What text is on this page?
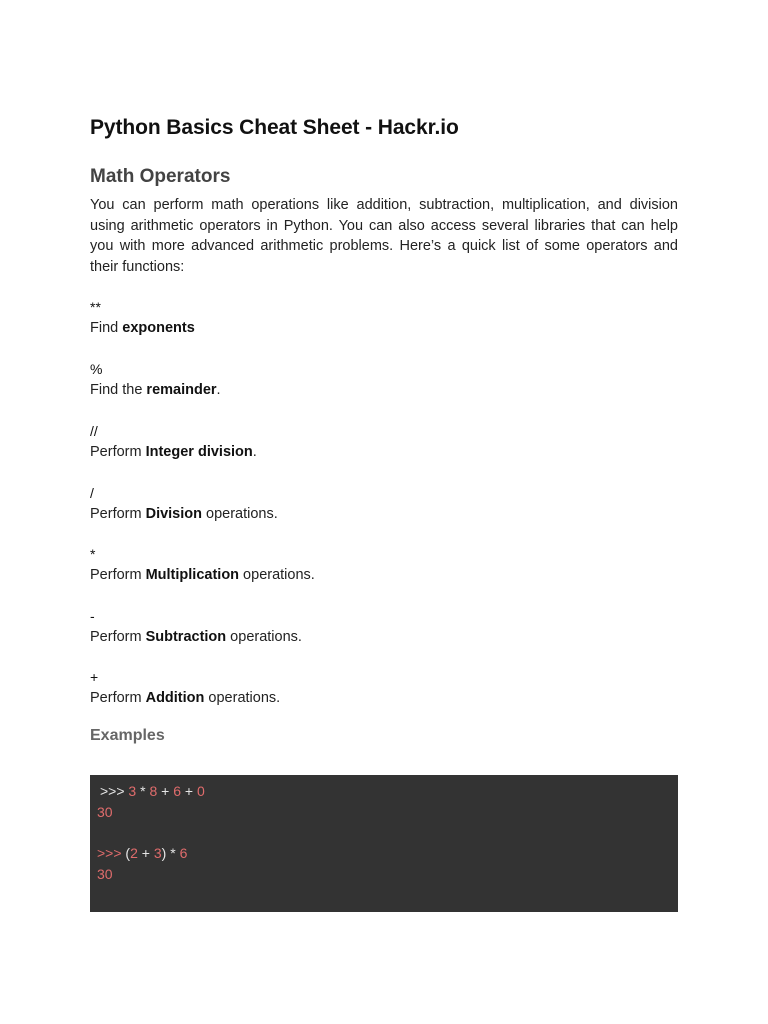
Python Basics Cheat Sheet - Hackr.io
Math Operators

You can perform math operations like addition, subtraction, multiplication, and division using arithmetic operators in Python. You can also access several libraries that can help you with more advanced arithmetic problems. Here’s a quick list of some operators and their functions:

**
Find exponents
%
Find the remainder.
//
Perform Integer division.
/
Perform Division operations.
*
Perform Multiplication operations.
-
Perform Subtraction operations.
+
Perform Addition operations.
Examples
>>> 3 * 8 + 6 + 0
30
>>> (2 + 3) * 6
30
